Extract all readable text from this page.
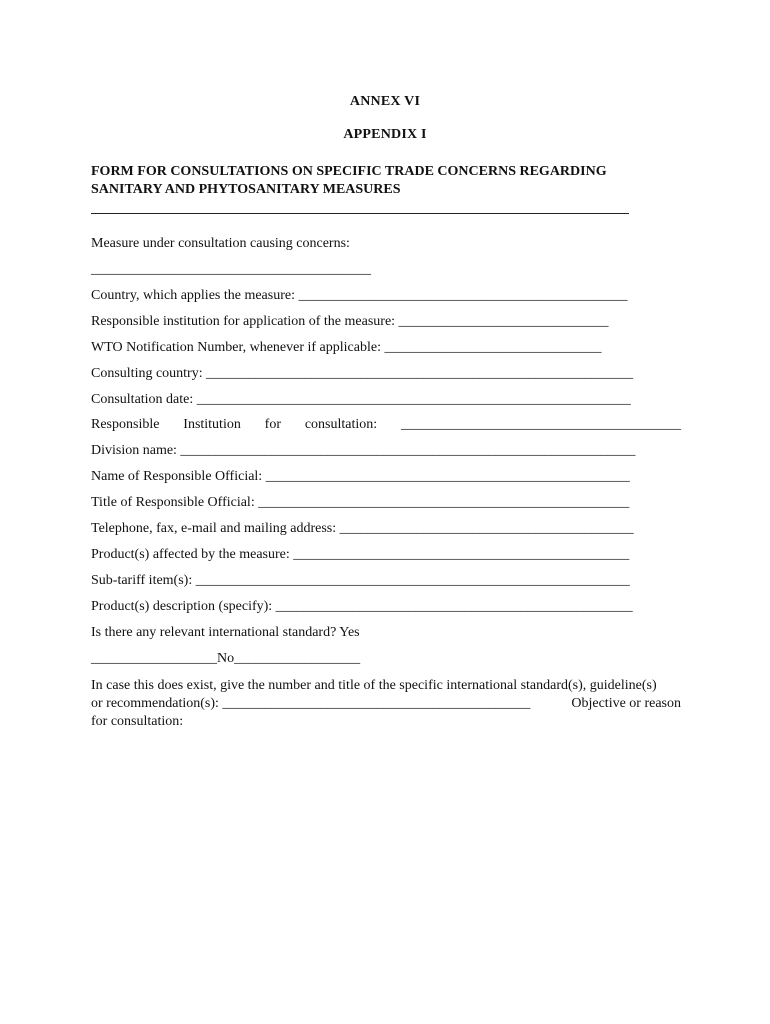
ANNEX VI
APPENDIX I
FORM FOR CONSULTATIONS ON SPECIFIC TRADE CONCERNS REGARDING
SANITARY AND PHYTOSANITARY MEASURES
Measure under consultation causing concerns:
________________________________________
Country, which applies the measure: _______________________________________________
Responsible institution for application of the measure: ______________________________
WTO Notification Number, whenever if applicable: _______________________________
Consulting country: _____________________________________________________________
Consultation date: ______________________________________________________________
Responsible Institution for consultation: ________________________________________
Division name: _________________________________________________________________
Name of Responsible Official: ____________________________________________________
Title of Responsible Official: _____________________________________________________
Telephone, fax, e-mail and mailing address: __________________________________________
Product(s) affected by the measure: ________________________________________________
Sub-tariff item(s): ______________________________________________________________
Product(s) description (specify): ___________________________________________________
Is there any relevant international standard? Yes
__________________No__________________

In case this does exist, give the number and title of the specific international standard(s), guideline(s)

or recommendation(s): ____________________________________________	Objective or reason

for consultation:
